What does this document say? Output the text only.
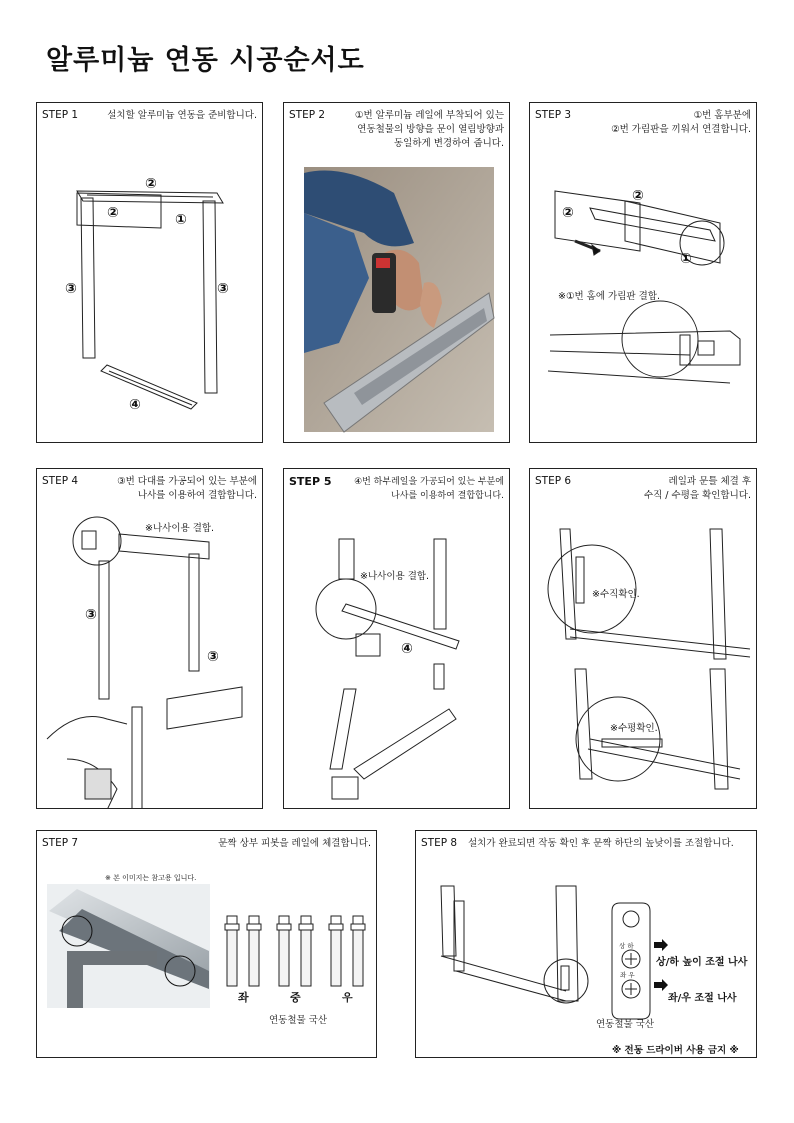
알루미늄 연동 시공순서도
STEP 1	설치할 알루미늄 연동을 준비합니다.
②
②	①
③	③
④
STEP 2	①번 알루미늄 레일에 부착되어 있는
연동철물의 방향을 문이 열림방향과
동일하게 변경하여 줍니다.
STEP 3	①번 홈부분에
②번 가림판을 끼워서 연결합니다.
②
②
①
※①번 홈에 가림판 결합.
STEP 4	③번 다대를 가공되어 있는 부분에
나사를 이용하여 결합합니다.
※나사이용 결합.
③
③
STEP 5	④번 하부레일을 가공되어 있는 부분에
나사를 이용하여 결합합니다.
※나사이용 결합.
④
STEP 6	레일과 문틀 체결 후
수직 / 수평을 확인합니다.
※수직확인.
※수평확인.
STEP 7	문짝 상부 피봇을 레일에 체결합니다.
※ 본 이미지는 참고용 입니다.
좌	중	우
연동철물 국산
STEP 8 설치가 완료되면 작동 확인 후 문짝 하단의 높낮이를 조절합니다.
상 하
좌 우
상/하 높이 조절 나사
좌/우 조절 나사
연동철물 국산
※ 전동 드라이버 사용 금지 ※
